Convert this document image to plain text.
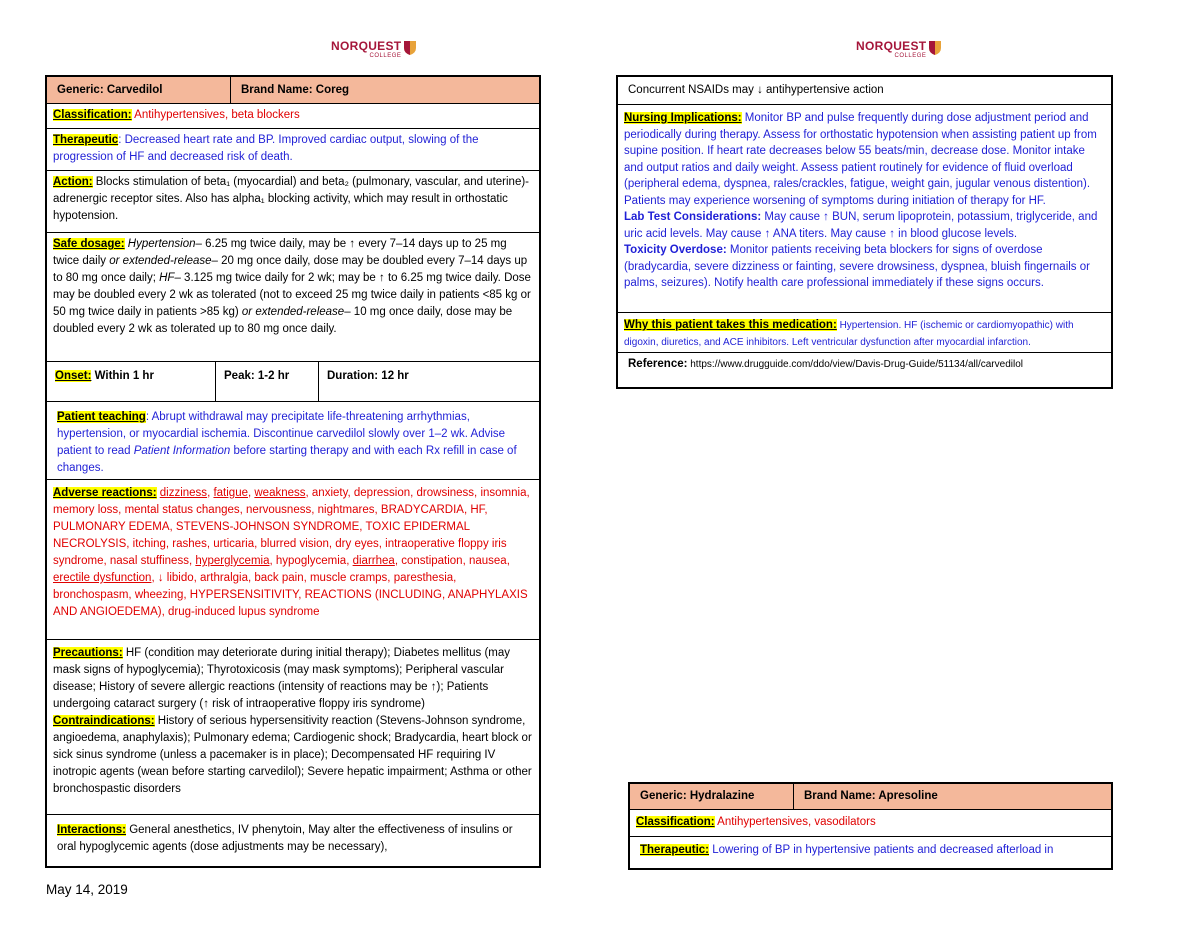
NORQUEST
COLLEGE
NORQUEST
COLLEGE
Generic: Carvedilol	Brand Name: Coreg
Classification: Antihypertensives, beta blockers
Therapeutic: Decreased heart rate and BP. Improved cardiac output, slowing of the progression of HF and decreased risk of death.
Action: Blocks stimulation of beta₁ (myocardial) and beta₂ (pulmonary, vascular, and uterine)-adrenergic receptor sites. Also has alpha₁ blocking activity, which may result in orthostatic hypotension.
Safe dosage: Hypertension– 6.25 mg twice daily, may be ↑ every 7–14 days up to 25 mg twice daily or extended-release– 20 mg once daily, dose may be doubled every 7–14 days up to 80 mg once daily; HF– 3.125 mg twice daily for 2 wk; may be ↑ to 6.25 mg twice daily. Dose may be doubled every 2 wk as tolerated (not to exceed 25 mg twice daily in patients <85 kg or 50 mg twice daily in patients >85 kg) or extended-release– 10 mg once daily, dose may be doubled every 2 wk as tolerated up to 80 mg once daily.
Onset: Within 1 hr	Peak: 1-2 hr	Duration: 12 hr
Patient teaching: Abrupt withdrawal may precipitate life-threatening arrhythmias, hypertension, or myocardial ischemia. Discontinue carvedilol slowly over 1–2 wk. Advise patient to read Patient Information before starting therapy and with each Rx refill in case of changes.
Adverse reactions: dizziness, fatigue, weakness, anxiety, depression, drowsiness, insomnia, memory loss, mental status changes, nervousness, nightmares, BRADYCARDIA, HF, PULMONARY EDEMA, STEVENS-JOHNSON SYNDROME, TOXIC EPIDERMAL NECROLYSIS, itching, rashes, urticaria, blurred vision, dry eyes, intraoperative floppy iris syndrome, nasal stuffiness, hyperglycemia, hypoglycemia, diarrhea, constipation, nausea, erectile dysfunction, ↓ libido, arthralgia, back pain, muscle cramps, paresthesia, bronchospasm, wheezing, HYPERSENSITIVITY, REACTIONS (INCLUDING, ANAPHYLAXIS AND ANGIOEDEMA), drug-induced lupus syndrome
Precautions: HF (condition may deteriorate during initial therapy); Diabetes mellitus (may mask signs of hypoglycemia); Thyrotoxicosis (may mask symptoms); Peripheral vascular disease; History of severe allergic reactions (intensity of reactions may be ↑); Patients undergoing cataract surgery (↑ risk of intraoperative floppy iris syndrome)
Contraindications: History of serious hypersensitivity reaction (Stevens-Johnson syndrome, angioedema, anaphylaxis); Pulmonary edema; Cardiogenic shock; Bradycardia, heart block or sick sinus syndrome (unless a pacemaker is in place); Decompensated HF requiring IV inotropic agents (wean before starting carvedilol); Severe hepatic impairment; Asthma or other bronchospastic disorders
Interactions: General anesthetics, IV phenytoin, May alter the effectiveness of insulins or oral hypoglycemic agents (dose adjustments may be necessary),
Concurrent NSAIDs may ↓ antihypertensive action
Nursing Implications: Monitor BP and pulse frequently during dose adjustment period and periodically during therapy. Assess for orthostatic hypotension when assisting patient up from supine position. If heart rate decreases below 55 beats/min, decrease dose. Monitor intake and output ratios and daily weight. Assess patient routinely for evidence of fluid overload (peripheral edema, dyspnea, rales/crackles, fatigue, weight gain, jugular venous distention). Patients may experience worsening of symptoms during initiation of therapy for HF.
Lab Test Considerations: May cause ↑ BUN, serum lipoprotein, potassium, triglyceride, and uric acid levels. May cause ↑ ANA titers. May cause ↑ in blood glucose levels.
Toxicity Overdose: Monitor patients receiving beta blockers for signs of overdose (bradycardia, severe dizziness or fainting, severe drowsiness, dyspnea, bluish fingernails or palms, seizures). Notify health care professional immediately if these signs occurs.
Why this patient takes this medication: Hypertension. HF (ischemic or cardiomyopathic) with digoxin, diuretics, and ACE inhibitors. Left ventricular dysfunction after myocardial infarction.
Reference: https://www.drugguide.com/ddo/view/Davis-Drug-Guide/51134/all/carvedilol
Generic: Hydralazine	Brand Name: Apresoline
Classification: Antihypertensives, vasodilators
Therapeutic: Lowering of BP in hypertensive patients and decreased afterload in
May 14, 2019
